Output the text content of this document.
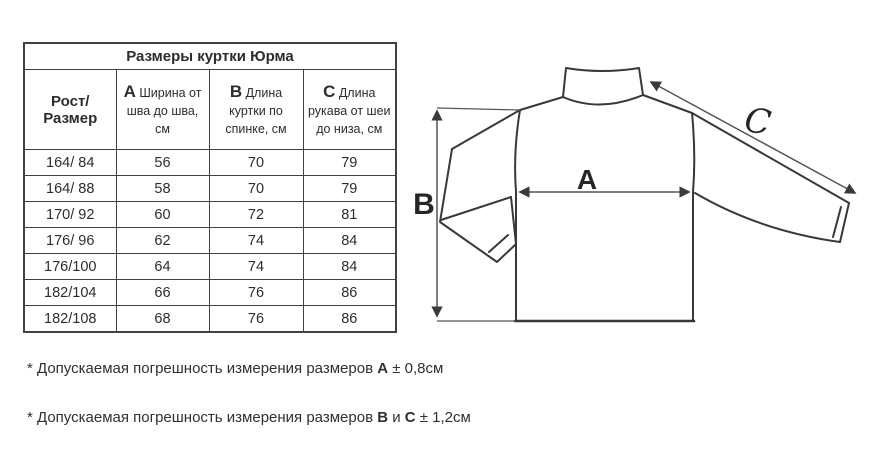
Размеры куртки Юрма			
Рост/Размер	A Ширина от шва до шва, см	B Длина куртки по спинке, см	C Длина рукава от шеи до низа, см
164/ 84	56	70	79
164/ 88	58	70	79
170/ 92	60	72	81
176/ 96	62	74	84
176/100	64	74	84
182/104	66	76	86
182/108	68	76	86
* Допускаемая погрешность измерения размеров A ± 0,8см
* Допускаемая погрешность измерения размеров B и C ± 1,2см
A
B
C
